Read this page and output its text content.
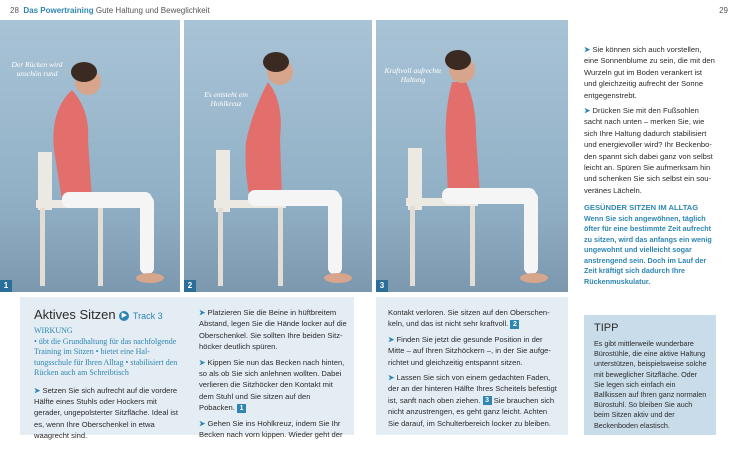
28 Das Powertraining Gute Haltung und Beweglichkeit	29
Der Rücken wird unschön rund
1
Es entsteht ein Hohlkreuz
2
Kraftvoll aufrechte Haltung
3

➤ Sie können sich auch vorstellen, eine Sonnenblume zu sein, die mit den Wurzeln gut im Boden verankert ist und gleichzeitig aufrecht der Sonne entgegenstrebt.

➤ Drücken Sie mit den Fußsohlen sacht nach unten – merken Sie, wie sich Ihre Haltung dadurch stabilisiert und energievoller wird? Ihr Beckenboden spannt sich dabei ganz von selbst leicht an. Spüren Sie aufmerksam hin und schenken Sie sich selbst ein souveränes Lächeln.

GESÜNDER SITZEN IM ALLTAG
Wenn Sie sich angewöhnen, täglich öfter für eine bestimmte Zeit aufrecht zu sitzen, wird das anfangs ein wenig ungewohnt und vielleicht sogar anstrengend sein. Doch im Lauf der Zeit kräftigt sich dadurch Ihre Rückenmuskulatur.
Aktives Sitzen ▶ Track 3
WIRKUNG
• übt die Grundhaltung für das nachfolgende Training im Sitzen • bietet eine Haltungsschule für Ihren Alltag • stabilisiert den Rücken auch am Schreibtisch

➤ Setzen Sie sich aufrecht auf die vordere Hälfte eines Stuhls oder Hockers mit gerader, ungepolsterter Sitzfläche. Ideal ist es, wenn Ihre Oberschenkel in etwa waagrecht sind.

➤ Platzieren Sie die Beine in hüftbreitem Abstand, legen Sie die Hände locker auf die Oberschenkel. Sie sollten Ihre beiden Sitzhöcker deutlich spüren.

➤ Kippen Sie nun das Becken nach hinten, so als ob Sie sich anlehnen wollten. Dabei verlieren die Sitzhöcker den Kontakt mit dem Stuhl und Sie sitzen auf den Pobacken. 1

➤ Gehen Sie ins Hohlkreuz, indem Sie Ihr Becken nach vorn kippen. Wieder geht der

Kontakt verloren. Sie sitzen auf den Oberschenkeln, und das ist nicht sehr kraftvoll. 2

➤ Finden Sie jetzt die gesunde Position in der Mitte – auf Ihren Sitzhöckern –, in der Sie aufgerichtet und gleichzeitig entspannt sitzen.

➤ Lassen Sie sich von einem gedachten Faden, der an der hinteren Hälfte Ihres Scheitels befestigt ist, sanft nach oben ziehen. 3 Sie brauchen sich nicht anzustrengen, es geht ganz leicht. Achten Sie darauf, im Schulterbereich locker zu bleiben.

TIPP
Es gibt mittlerweile wunderbare Bürostühle, die eine aktive Haltung unterstützen, beispielsweise solche mit beweglicher Sitzfläche. Oder Sie legen sich einfach ein Ballkissen auf Ihren ganz normalen Bürostuhl. So bleiben Sie auch beim Sitzen aktiv und der Beckenboden elastisch.
